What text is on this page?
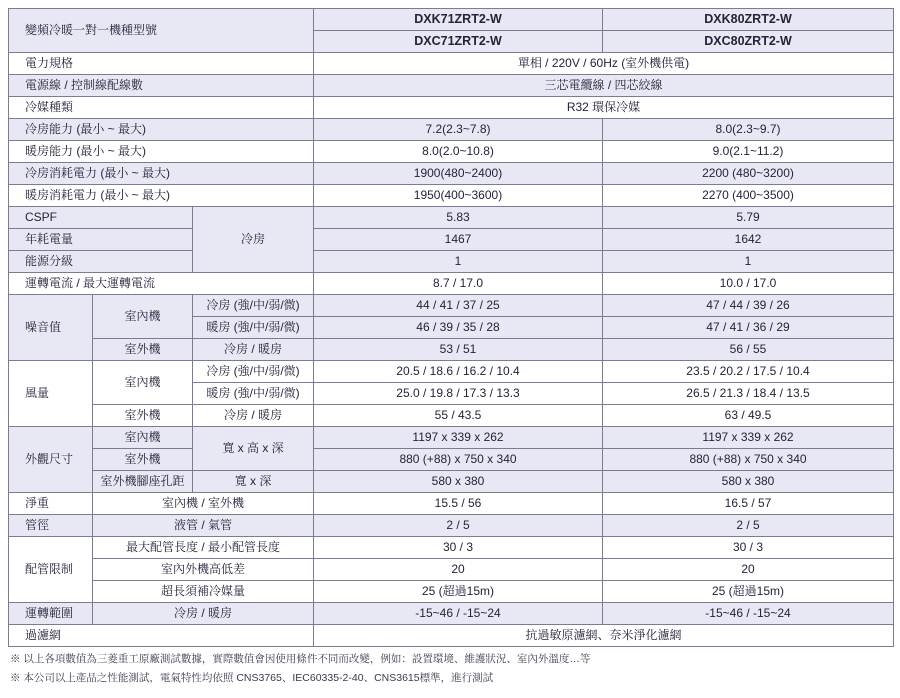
變頻冷暖一對一機種型號			DXK71ZRT2-W	DXK80ZRT2-W
			DXC71ZRT2-W	DXC80ZRT2-W
電力規格			單相 / 220V / 60Hz (室外機供電)	
電源線 / 控制線配線數			三芯電纜線 / 四芯絞線	
冷媒種類			R32 環保冷媒	
冷房能力 (最小 ~ 最大)			7.2(2.3~7.8)	8.0(2.3~9.7)
暖房能力 (最小 ~ 最大)			8.0(2.0~10.8)	9.0(2.1~11.2)
冷房消耗電力 (最小 ~ 最大)			1900(480~2400)	2200 (480~3200)
暖房消耗電力 (最小 ~ 最大)			1950(400~3600)	2270 (400~3500)
CSPF		冷房	5.83	5.79
年耗電量			1467	1642
能源分級			1	1
運轉電流 / 最大運轉電流			8.7 / 17.0	10.0 / 17.0
噪音值	室內機	冷房 (強/中/弱/微)	44 / 41 / 37 / 25	47 / 44 / 39 / 26
		暖房 (強/中/弱/微)	46 / 39 / 35 / 28	47 / 41 / 36 / 29
	室外機	冷房 / 暖房	53 / 51	56 / 55
風量	室內機	冷房 (強/中/弱/微)	20.5 / 18.6 / 16.2 / 10.4	23.5 / 20.2 / 17.5 / 10.4
		暖房 (強/中/弱/微)	25.0 / 19.8 / 17.3 / 13.3	26.5 / 21.3 / 18.4 / 13.5
	室外機	冷房 / 暖房	55 / 43.5	63 / 49.5
外觀尺寸	室內機	寬 x 高 x 深	1197 x 339 x 262	1197 x 339 x 262
	室外機		880 (+88) x 750 x 340	880 (+88) x 750 x 340
	室外機腳座孔距	寬 x 深	580 x 380	580 x 380
淨重	室內機 / 室外機		15.5 / 56	16.5 / 57
管徑	液管 / 氣管		2 / 5	2 / 5
配管限制	最大配管長度 / 最小配管長度		30 / 3	30 / 3
	室內外機高低差		20	20
	超長須補冷媒量		25 (超過15m)	25 (超過15m)
運轉範圍	冷房 / 暖房		-15~46 / -15~24	-15~46 / -15~24
過濾網			抗過敏原濾網、奈米淨化濾網	
※ 以上各項數值為三菱重工原廠測試數據，實際數值會因使用條件不同而改變，例如：設置環境、維護狀況、室內外溫度…等
※ 本公司以上產品之性能測試，電氣特性均依照 CNS3765、IEC60335-2-40、CNS3615標準，進行測試
